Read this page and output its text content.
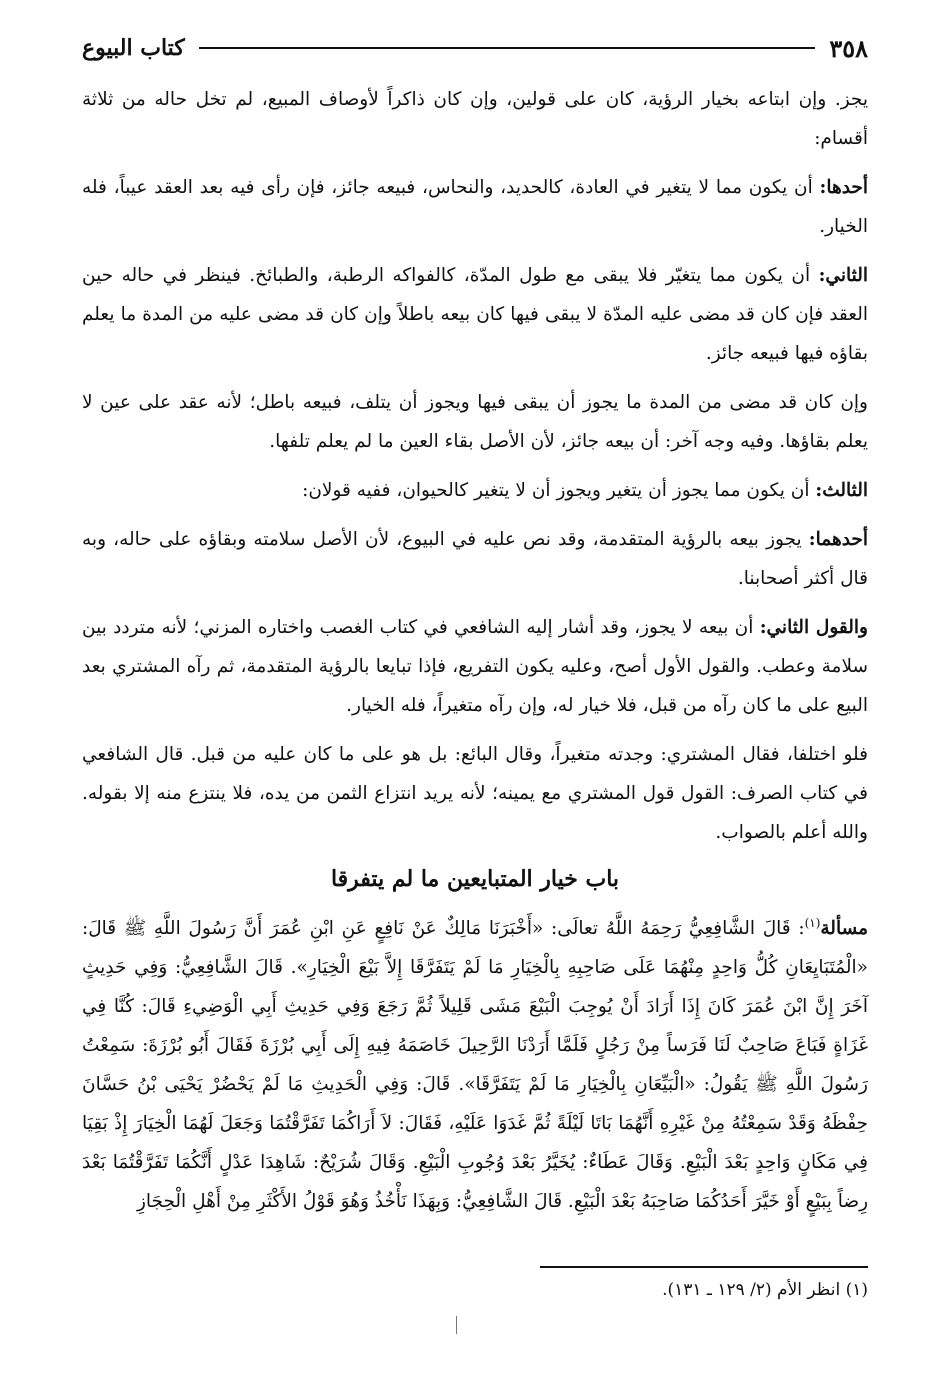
٣٥٨
كتاب البيوع

يجز. وإن ابتاعه بخيار الرؤية، كان على قولين، وإن كان ذاكراً لأوصاف المبيع، لم تخل حاله من ثلاثة أقسام:

أحدها: أن يكون مما لا يتغير في العادة، كالحديد، والنحاس، فبيعه جائز، فإن رأى فيه بعد العقد عيباً، فله الخيار.

الثاني: أن يكون مما يتغيّر فلا يبقى مع طول المدّة، كالفواكه الرطبة، والطبائخ. فينظر في حاله حين العقد فإن كان قد مضى عليه المدّة لا يبقى فيها كان بيعه باطلاً وإن كان قد مضى عليه من المدة ما يعلم بقاؤه فيها فبيعه جائز.

وإن كان قد مضى من المدة ما يجوز أن يبقى فيها ويجوز أن يتلف، فبيعه باطل؛ لأنه عقد على عين لا يعلم بقاؤها. وفيه وجه آخر: أن بيعه جائز، لأن الأصل بقاء العين ما لم يعلم تلفها.

الثالث: أن يكون مما يجوز أن يتغير ويجوز أن لا يتغير كالحيوان، ففيه قولان:

أحدهما: يجوز بيعه بالرؤية المتقدمة، وقد نص عليه في البيوع، لأن الأصل سلامته وبقاؤه على حاله، وبه قال أكثر أصحابنا.

والقول الثاني: أن بيعه لا يجوز، وقد أشار إليه الشافعي في كتاب الغصب واختاره المزني؛ لأنه متردد بين سلامة وعطب. والقول الأول أصح، وعليه يكون التفريع، فإذا تبايعا بالرؤية المتقدمة، ثم رآه المشتري بعد البيع على ما كان رآه من قبل، فلا خيار له، وإن رآه متغيراً، فله الخيار.

فلو اختلفا، فقال المشتري: وجدته متغيراً، وقال البائع: بل هو على ما كان عليه من قبل. قال الشافعي في كتاب الصرف: القول قول المشتري مع يمينه؛ لأنه يريد انتزاع الثمن من يده، فلا ينتزع منه إلا بقوله. والله أعلم بالصواب.

باب خيار المتبايعين ما لم يتفرقا

مسألة$^{(١)}$: قَالَ الشَّافِعِيُّ رَحِمَهُ اللَّهُ تعالَى: «أَخْبَرَنَا مَالِكٌ عَنْ نَافِعٍ عَنِ ابْنِ عُمَرَ أَنَّ رَسُولَ اللَّهِ ﷺ قَالَ: «الْمُتَبَايِعَانِ كُلُّ وَاحِدٍ مِنْهُمَا عَلَى صَاحِبِهِ بِالْخِيَارِ مَا لَمْ يَتَفَرَّقَا إِلاَّ بَيْعَ الْخِيَارِ». قَالَ الشَّافِعِيُّ: وَفِي حَدِيثٍ آخَرَ إِنَّ ابْنَ عُمَرَ كَانَ إِذَا أَرَادَ أَنْ يُوجِبَ الْبَيْعَ مَشَى قَلِيلاً ثُمَّ رَجَعَ وَفِي حَدِيثِ أَبِي الْوَضِيءِ قَالَ: كُنَّا فِي غَزَاةٍ فَبَاعَ صَاحِبٌ لَنَا فَرَساً مِنْ رَجُلٍ فَلَمَّا أَرَدْنَا الرَّحِيلَ خَاصَمَهُ فِيهِ إِلَى أَبِي بُرْزَةَ فَقَالَ أَبُو بُرْزَةَ: سَمِعْتُ رَسُولَ اللَّهِ ﷺ يَقُولُ: «الْبَيِّعَانِ بِالْخِيَارِ مَا لَمْ يَتَفَرَّقَا». قَالَ: وَفِي الْحَدِيثِ مَا لَمْ يَحْضُرْ يَحْيَى بْنُ حَسَّانَ حِفْظَهُ وَقَدْ سَمِعْتُهُ مِنْ غَيْرِهِ أَنَّهُمَا بَاتَا لَيْلَةً ثُمَّ غَدَوَا عَلَيْهِ، فَقَالَ: لاَ أَرَاكُمَا تَفَرَّقْتُمَا وَجَعَلَ لَهُمَا الْخِيَارَ إِذْ بَقِيَا فِي مَكَانٍ وَاحِدٍ بَعْدَ الْبَيْعِ. وَقَالَ عَطَاءٌ: يُخَيَّرُ بَعْدَ وُجُوبِ الْبَيْعِ. وَقَالَ شُرَيْحٌ: شَاهِدَا عَدْلٍ أَنَّكُمَا تَفَرَّقْتُمَا بَعْدَ رِضاً بِبَيْعٍ أَوْ خَيَّرَ أَحَدُكُمَا صَاحِبَهُ بَعْدَ الْبَيْعِ. قَالَ الشَّافِعِيُّ: وَبِهَذَا نَأْخُذُ وَهُوَ قَوْلُ الأَكْثَرِ مِنْ أَهْلِ الْحِجَازِ

(١) انظر الأم (٢/ ١٢٩ ـ ١٣١).
